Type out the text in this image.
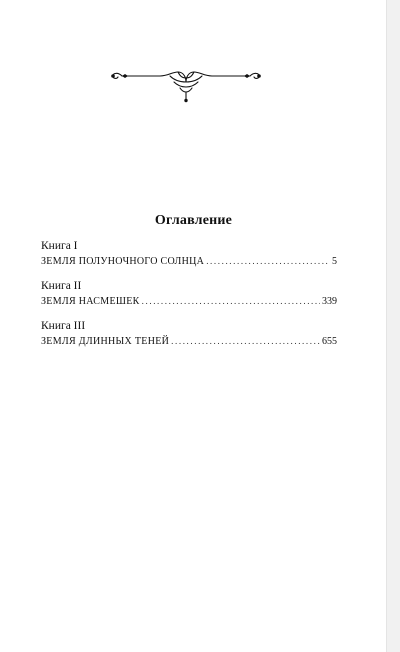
Оглавление
Книга I
ЗЕМЛЯ ПОЛУНОЧНОГО СОЛНЦА .....	5
Книга II
ЗЕМЛЯ НАСМЕШЕК .....	339
Книга III
ЗЕМЛЯ ДЛИННЫХ ТЕНЕЙ .....	655
